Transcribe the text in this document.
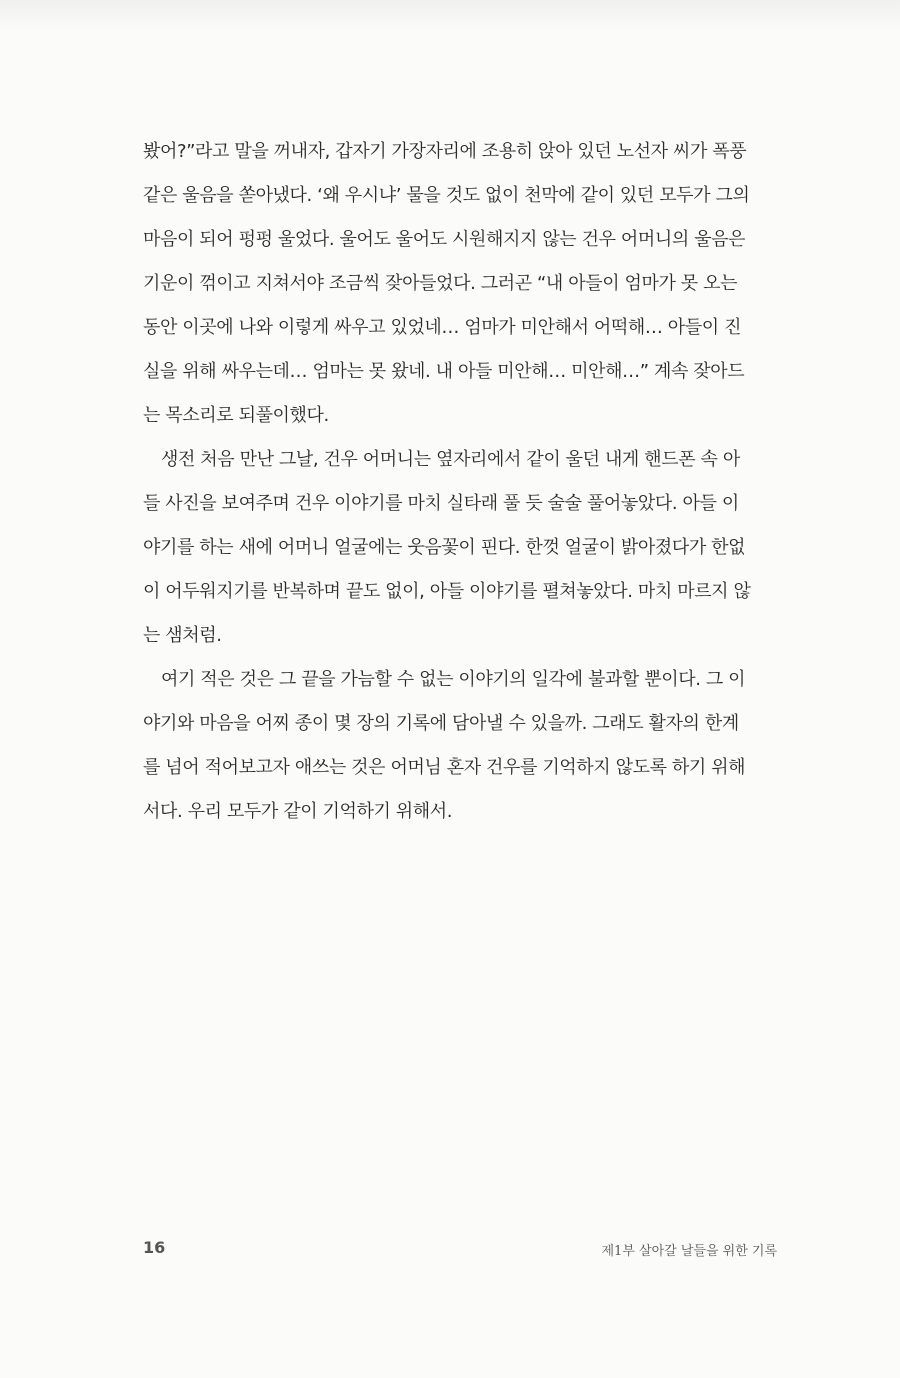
봤어?”라고 말을 꺼내자, 갑자기 가장자리에 조용히 앉아 있던 노선자 씨가 폭풍
같은 울음을 쏟아냈다. ‘왜 우시냐’ 물을 것도 없이 천막에 같이 있던 모두가 그의
마음이 되어 펑펑 울었다. 울어도 울어도 시원해지지 않는 건우 어머니의 울음은
기운이 꺾이고 지쳐서야 조금씩 잦아들었다. 그러곤 “내 아들이 엄마가 못 오는
동안 이곳에 나와 이렇게 싸우고 있었네… 엄마가 미안해서 어떡해… 아들이 진
실을 위해 싸우는데… 엄마는 못 왔네. 내 아들 미안해… 미안해…” 계속 잦아드
는 목소리로 되풀이했다.
생전 처음 만난 그날, 건우 어머니는 옆자리에서 같이 울던 내게 핸드폰 속 아
들 사진을 보여주며 건우 이야기를 마치 실타래 풀 듯 술술 풀어놓았다. 아들 이
야기를 하는 새에 어머니 얼굴에는 웃음꽃이 핀다. 한껏 얼굴이 밝아졌다가 한없
이 어두워지기를 반복하며 끝도 없이, 아들 이야기를 펼쳐놓았다. 마치 마르지 않
는 샘처럼.
여기 적은 것은 그 끝을 가늠할 수 없는 이야기의 일각에 불과할 뿐이다. 그 이
야기와 마음을 어찌 종이 몇 장의 기록에 담아낼 수 있을까. 그래도 활자의 한계
를 넘어 적어보고자 애쓰는 것은 어머님 혼자 건우를 기억하지 않도록 하기 위해
서다. 우리 모두가 같이 기억하기 위해서.
16	제1부 살아갈 날들을 위한 기록
